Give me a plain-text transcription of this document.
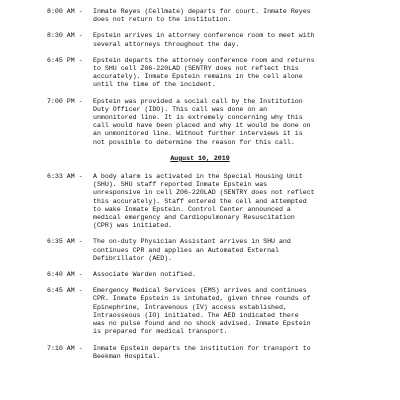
8:00 AM - Inmate Reyes (Cellmate) departs for court. Inmate Reyes
does not return to the institution.
8:30 AM - Epstein arrives in attorney conference room to meet with
several attorneys throughout the day.
6:45 PM - Epstein departs the attorney conference room and returns
to SHU cell Z06-220LAD (SENTRY does not reflect this
accurately). Inmate Epstein remains in the cell alone
until the time of the incident.
7:00 PM - Epstein was provided a social call by the Institution
Duty Officer (IDO). This call was done on an
unmonitored line. It is extremely concerning why this
call would have been placed and why it would be done on
an unmonitored line. Without further interviews it is
not possible to determine the reason for this call.
August 10, 2019
6:33 AM - A body alarm is activated in the Special Housing Unit
(SHU). SHU staff reported Inmate Epstein was
unresponsive in cell Z06-220LAD (SENTRY does not reflect
this accurately). Staff entered the cell and attempted
to wake Inmate Epstein. Control Center announced a
medical emergency and Cardiopulmonary Resuscitation
(CPR) was initiated.
6:35 AM - The on-duty Physician Assistant arrives in SHU and
continues CPR and applies an Automated External
Defibrillator (AED).
6:40 AM - Associate Warden notified.
6:45 AM - Emergency Medical Services (EMS) arrives and continues
CPR. Inmate Epstein is intubated, given three rounds of
Epinephrine, Intravenous (IV) access established,
Intraosseous (IO) initiated. The AED indicated there
was no pulse found and no shock advised. Inmate Epstein
is prepared for medical transport.
7:10 AM - Inmate Epstein departs the institution for transport to
Beekman Hospital.
